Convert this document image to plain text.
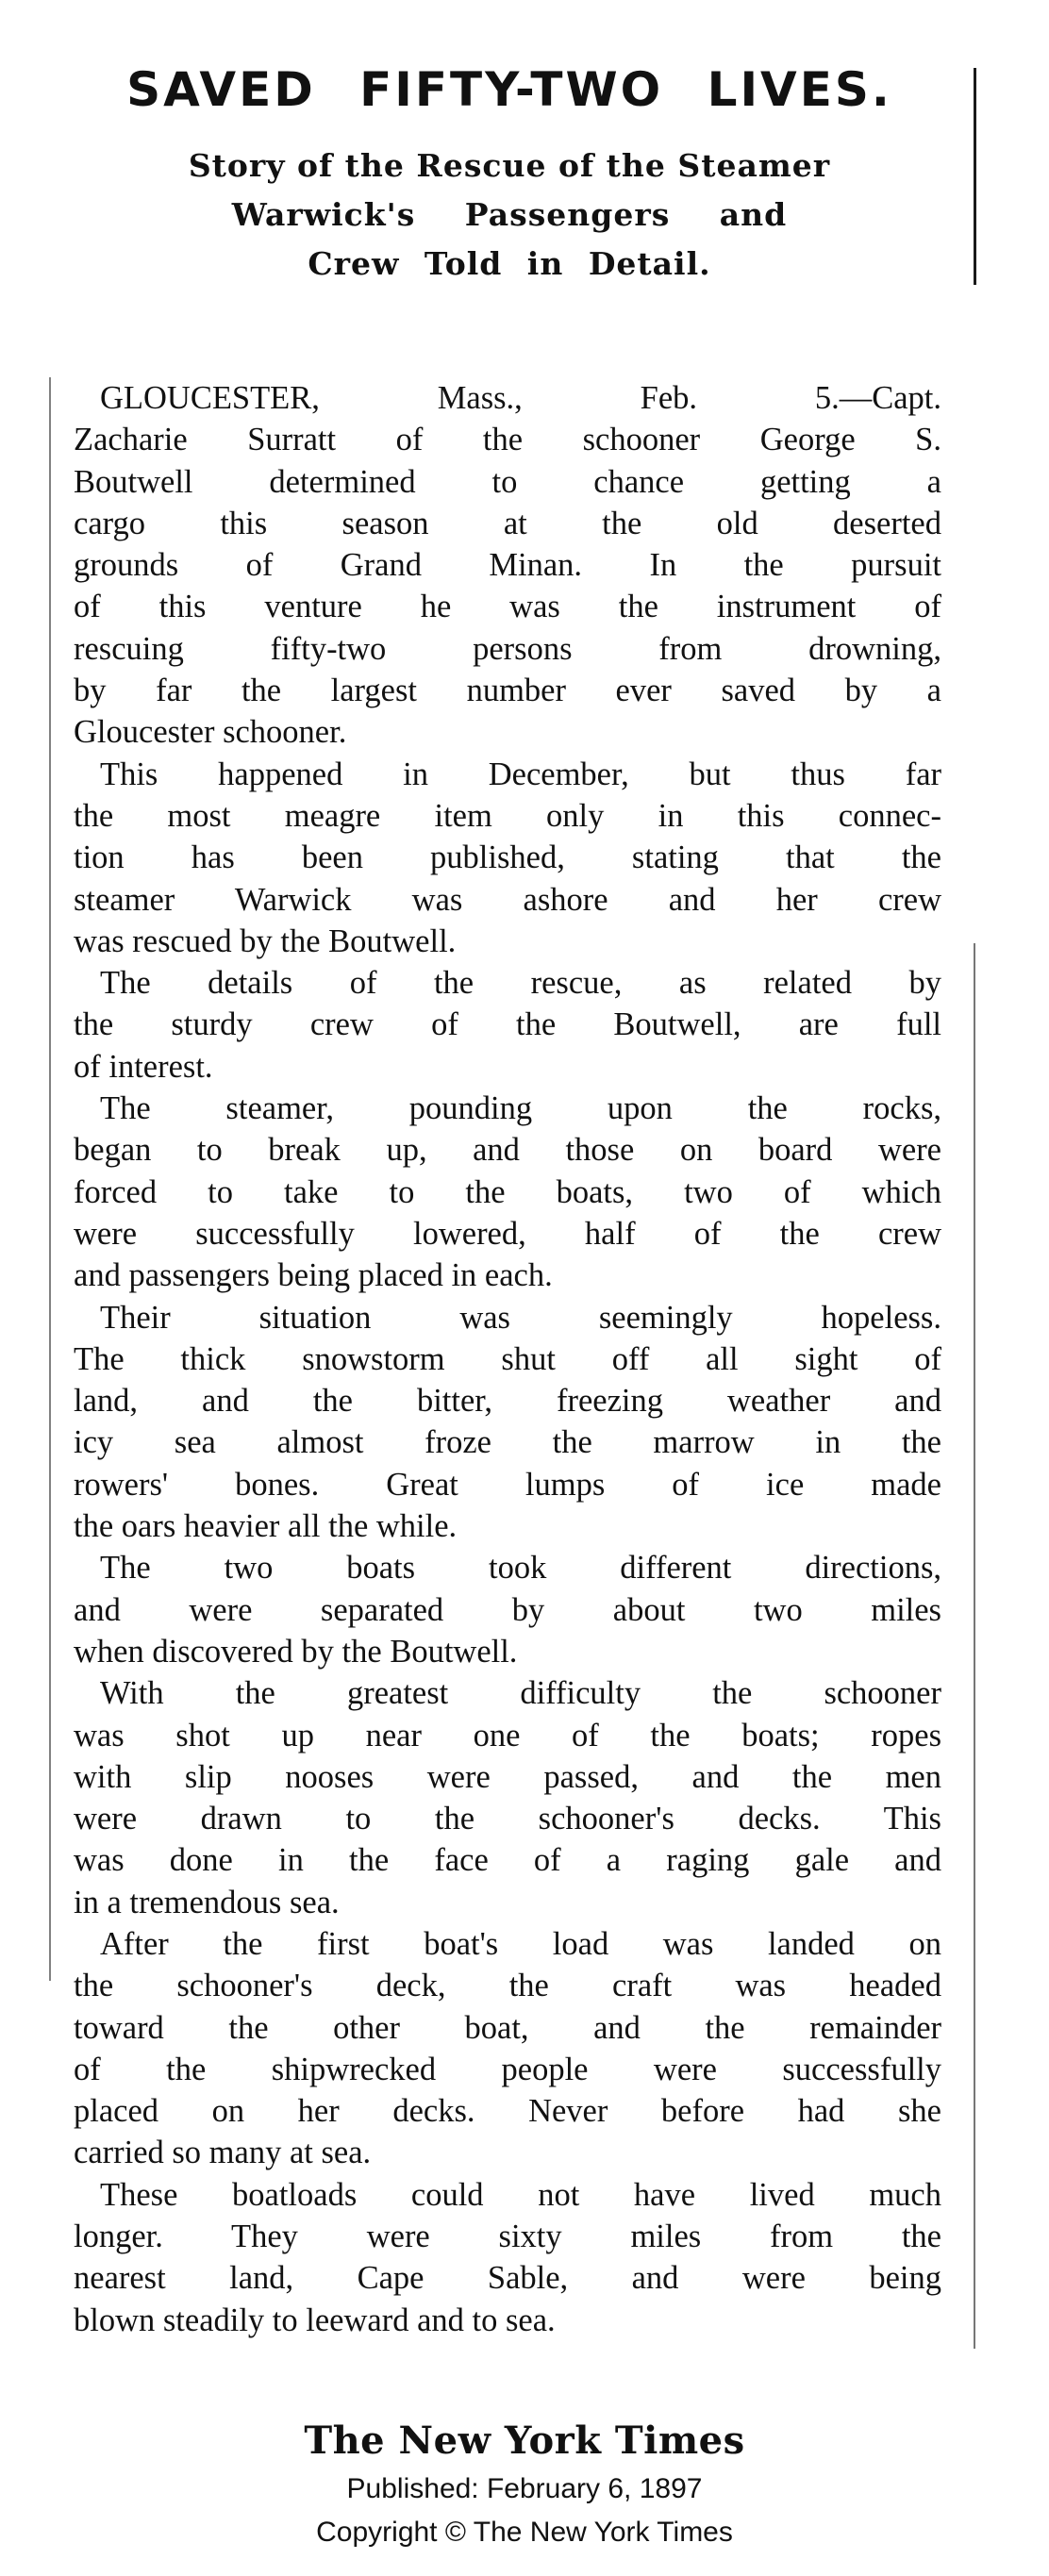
SAVED FIFTY-TWO LIVES.
Story of the Rescue of the Steamer
Warwick's Passengers and
Crew Told in Detail.
GLOUCESTER, Mass., Feb. 5.—Capt.
Zacharie Surratt of the schooner George S.
Boutwell determined to chance getting a
cargo this season at the old deserted
grounds of Grand Minan. In the pursuit
of this venture he was the instrument of
rescuing fifty-two persons from drowning,
by far the largest number ever saved by a
Gloucester schooner.
This happened in December, but thus far
the most meagre item only in this connec-
tion has been published, stating that the
steamer Warwick was ashore and her crew
was rescued by the Boutwell.
The details of the rescue, as related by
the sturdy crew of the Boutwell, are full
of interest.
The steamer, pounding upon the rocks,
began to break up, and those on board were
forced to take to the boats, two of which
were successfully lowered, half of the crew
and passengers being placed in each.
Their situation was seemingly hopeless.
The thick snowstorm shut off all sight of
land, and the bitter, freezing weather and
icy sea almost froze the marrow in the
rowers' bones. Great lumps of ice made
the oars heavier all the while.
The two boats took different directions,
and were separated by about two miles
when discovered by the Boutwell.
With the greatest difficulty the schooner
was shot up near one of the boats; ropes
with slip nooses were passed, and the men
were drawn to the schooner's decks. This
was done in the face of a raging gale and
in a tremendous sea.
After the first boat's load was landed on
the schooner's deck, the craft was headed
toward the other boat, and the remainder
of the shipwrecked people were successfully
placed on her decks. Never before had she
carried so many at sea.
These boatloads could not have lived much
longer. They were sixty miles from the
nearest land, Cape Sable, and were being
blown steadily to leeward and to sea.
The New York Times
Published: February 6, 1897
Copyright © The New York Times
